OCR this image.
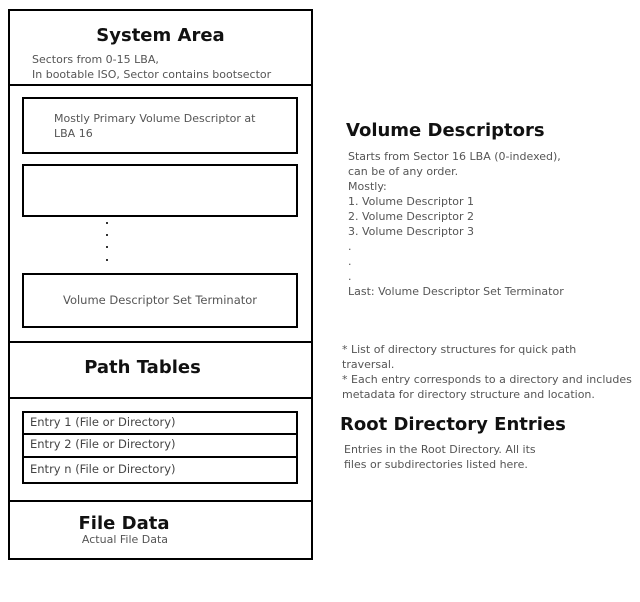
System Area
Sectors from 0-15 LBA,
In bootable ISO, Sector contains bootsector
Mostly Primary Volume Descriptor at LBA 16
Volume Descriptor Set Terminator
Path Tables
Entry 1 (File or Directory)
Entry 2 (File or Directory)
Entry n (File or Directory)
File Data
Actual File Data
Volume Descriptors
Starts from Sector 16 LBA (0-indexed),
can be of any order.
Mostly:
1. Volume Descriptor 1
2. Volume Descriptor 2
3. Volume Descriptor 3
.
.
.
Last: Volume Descriptor Set Terminator
* List of directory structures for quick path
traversal.
* Each entry corresponds to a directory and includes
metadata for directory structure and location.
Root Directory Entries
Entries in the Root Directory. All its
files or subdirectories listed here.
